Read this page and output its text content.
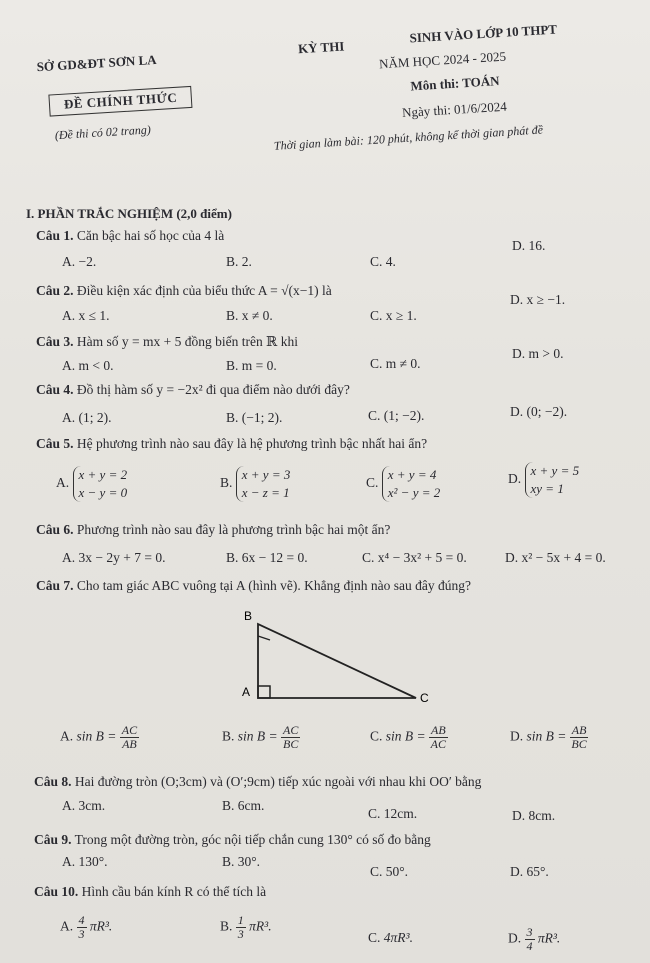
SỞ GD&ĐT SƠN LA
KỲ THI
SINH VÀO LỚP 10 THPT
NĂM HỌC 2024 - 2025
ĐỀ CHÍNH THỨC
Môn thi: TOÁN
(Đề thi có 02 trang)
Ngày thi: 01/6/2024
Thời gian làm bài: 120 phút, không kể thời gian phát đề
I. PHẦN TRẮC NGHIỆM (2,0 điểm)
Câu 1. Căn bậc hai số học của 4 là
A. −2.	B. 2.	C. 4.
D. 16.
Câu 2. Điều kiện xác định của biểu thức A = √(x−1) là
A. x ≤ 1.	B. x ≠ 0.	C. x ≥ 1.
D. x ≥ −1.
Câu 3. Hàm số y = mx + 5 đồng biến trên ℝ khi
A. m < 0.	B. m = 0.	C. m ≠ 0.
D. m > 0.
Câu 4. Đồ thị hàm số y = −2x² đi qua điểm nào dưới đây?
A. (1; 2).	B. (−1; 2).	C. (1; −2).	D. (0; −2).
Câu 5. Hệ phương trình nào sau đây là hệ phương trình bậc nhất hai ẩn?
A. x + y = 2
x − y = 0
B. x + y = 3
x − z = 1
C. x + y = 4
x² − y = 2
D. x + y = 5
xy = 1
Câu 6. Phương trình nào sau đây là phương trình bậc hai một ẩn?
A. 3x − 2y + 7 = 0.	B. 6x − 12 = 0.	C. x⁴ − 3x² + 5 = 0.	D. x² − 5x + 4 = 0.
Câu 7. Cho tam giác ABC vuông tại A (hình vẽ). Khẳng định nào sau đây đúng?
B
A	C
A. $\sin B = \frac{AC}{AB}$	B. $\sin B = \frac{AC}{BC}$	C. $\sin B = \frac{AB}{AC}$	D. $\sin B = \frac{AB}{BC}$
Câu 8. Hai đường tròn (O;3cm) và (O′;9cm) tiếp xúc ngoài với nhau khi OO′ bằng
A. 3cm.	B. 6cm.
C. 12cm.	D. 8cm.
Câu 9. Trong một đường tròn, góc nội tiếp chắn cung 130° có số đo bằng
A. 130°.	B. 30°.
C. 50°.	D. 65°.
Câu 10. Hình cầu bán kính R có thể tích là
A. $\frac{4}{3} \pi R^3$.	B. $\frac{1}{3} \pi R^3$.
C. 4πR³.	D. $\frac{3}{4} \pi R^3$.
